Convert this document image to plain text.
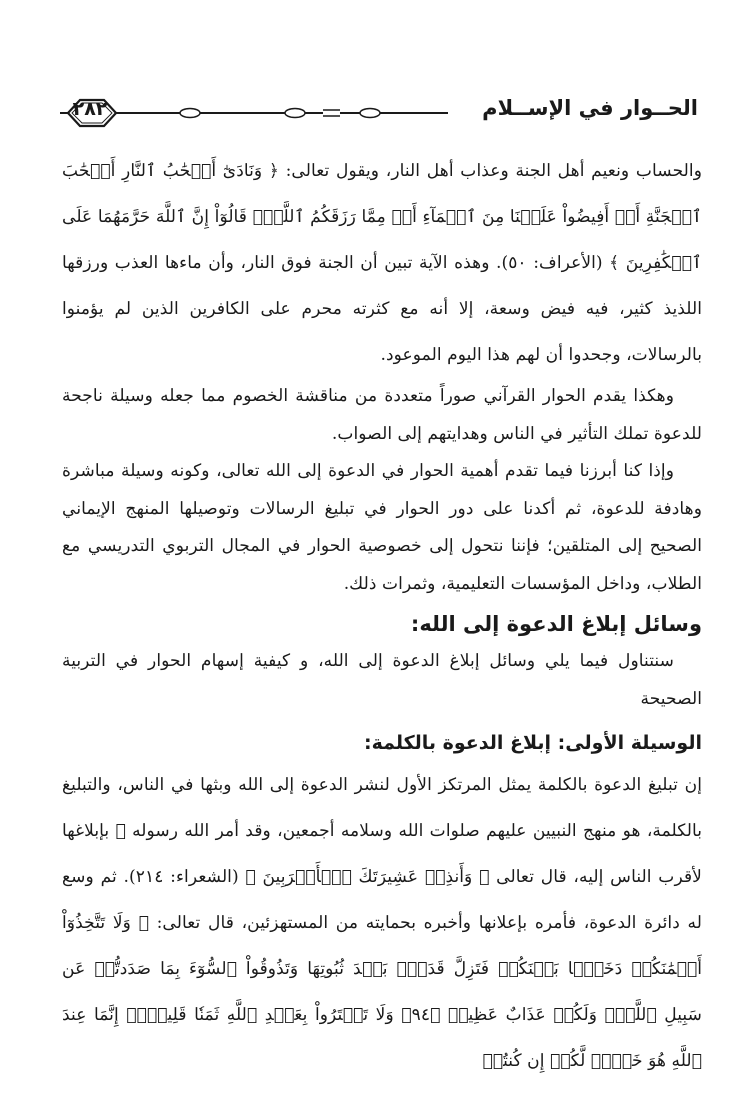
٢٨٢	الحــوار في الإســلام

والحساب ونعيم أهل الجنة وعذاب أهل النار، ويقول تعالى: ﴿ وَنَادَىٰٓ أَصۡحَٰبُ ٱلنَّارِ أَصۡحَٰبَ ٱلۡجَنَّةِ أَنۡ أَفِيضُواْ عَلَيۡنَا مِنَ ٱلۡمَآءِ أَوۡ مِمَّا رَزَقَكُمُ ٱللَّهُۚ قَالُوٓاْ إِنَّ ٱللَّهَ حَرَّمَهُمَا عَلَى ٱلۡكَٰفِرِينَ ﴾ (الأعراف: ٥٠). وهذه الآية تبين أن الجنة فوق النار، وأن ماءها العذب ورزقها اللذيذ كثير، فيه فيض وسعة، إلا أنه مع كثرته محرم على الكافرين الذين لم يؤمنوا بالرسالات، وجحدوا أن لهم هذا اليوم الموعود.

وهكذا يقدم الحوار القرآني صوراً متعددة من مناقشة الخصوم مما جعله وسيلة ناجحة للدعوة تملك التأثير في الناس وهدايتهم إلى الصواب.

وإذا كنا أبرزنا فيما تقدم أهمية الحوار في الدعوة إلى الله تعالى، وكونه وسيلة مباشرة وهادفة للدعوة، ثم أكدنا على دور الحوار في تبليغ الرسالات وتوصيلها المنهج الإيماني الصحيح إلى المتلقين؛ فإننا نتحول إلى خصوصية الحوار في المجال التربوي التدريسي مع الطلاب، وداخل المؤسسات التعليمية، وثمرات ذلك.

وسائل إبلاغ الدعوة إلى الله:

سنتناول فيما يلي وسائل إبلاغ الدعوة إلى الله، و كيفية إسهام الحوار في التربية الصحيحة

الوسيلة الأولى: إبلاغ الدعوة بالكلمة:

إن تبليغ الدعوة بالكلمة يمثل المرتكز الأول لنشر الدعوة إلى الله وبثها في الناس، والتبليغ بالكلمة، هو منهج النبيين عليهم صلوات الله وسلامه أجمعين، وقد أمر الله رسوله ﷺ بإبلاغها لأقرب الناس إليه، قال تعالى ﴿ وَأَنذِرۡ عَشِيرَتَكَ ٱلۡأَقۡرَبِينَ ﴾ (الشعراء: ٢١٤). ثم وسع له دائرة الدعوة، فأمره بإعلانها وأخبره بحمايته من المستهزئين، قال تعالى: ﴿ وَلَا تَتَّخِذُوٓاْ أَيۡمَٰنَكُمۡ دَخَلَۢا بَيۡنَكُمۡ فَتَزِلَّ قَدَمُۢ بَعۡدَ ثُبُوتِهَا وَتَذُوقُواْ ٱلسُّوٓءَ بِمَا صَدَدتُّمۡ عَن سَبِيلِ ٱللَّهِۖ وَلَكُمۡ عَذَابٌ عَظِيمٞ ﴿٩٤﴾ وَلَا تَشۡتَرُواْ بِعَهۡدِ ٱللَّهِ ثَمَنٗا قَلِيلًاۚ إِنَّمَا عِندَ ٱللَّهِ هُوَ خَيۡرٞ لَّكُمۡ إِن كُنتُمۡ
